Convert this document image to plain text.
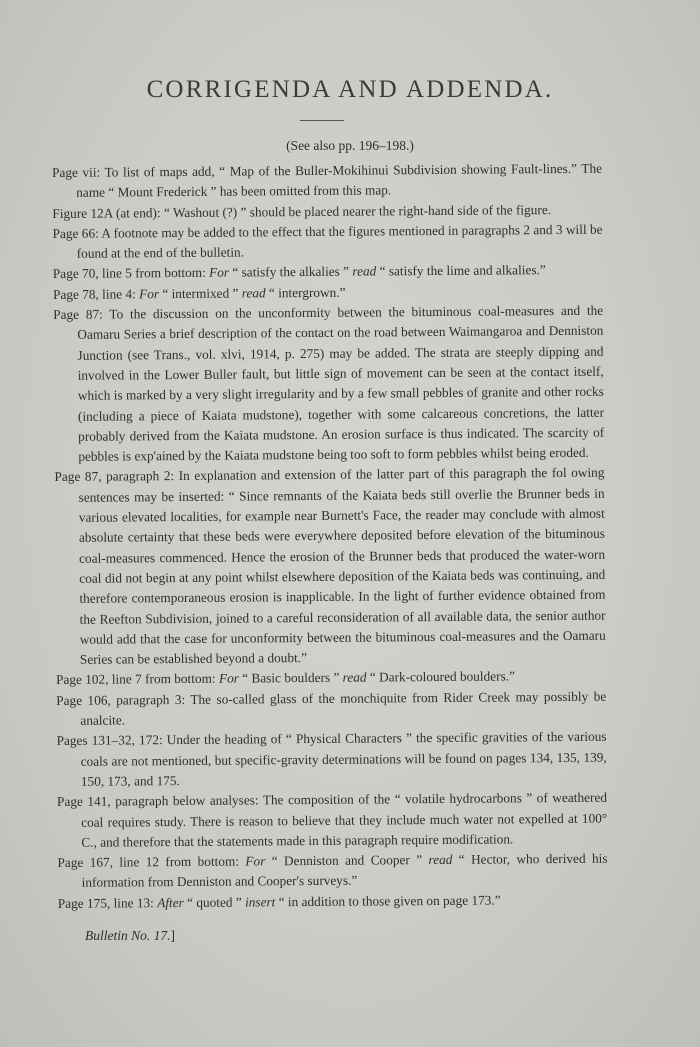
CORRIGENDA AND ADDENDA.
(See also pp. 196–198.)

Page vii: To list of maps add, “ Map of the Buller-Mokihinui Subdivision showing Fault-lines.” The name “ Mount Frederick ” has been omitted from this map.

Figure 12A (at end): “ Washout (?) ” should be placed nearer the right-hand side of the figure.

Page 66: A footnote may be added to the effect that the figures mentioned in paragraphs 2 and 3 will be found at the end of the bulletin.

Page 70, line 5 from bottom: For “ satisfy the alkalies ” read “ satisfy the lime and alkalies.”

Page 78, line 4: For “ intermixed ” read “ intergrown.”

Page 87: To the discussion on the unconformity between the bituminous coal-measures and the Oamaru Series a brief description of the contact on the road between Waimangaroa and Denniston Junction (see Trans., vol. xlvi, 1914, p. 275) may be added. The strata are steeply dipping and involved in the Lower Buller fault, but little sign of movement can be seen at the contact itself, which is marked by a very slight irregularity and by a few small pebbles of granite and other rocks (including a piece of Kaiata mudstone), together with some calcareous concretions, the latter probably derived from the Kaiata mudstone. An erosion surface is thus indicated. The scarcity of pebbles is exp'ained by the Kaiata mudstone being too soft to form pebbles whilst being eroded.

Page 87, paragraph 2: In explanation and extension of the latter part of this paragraph the fol owing sentences may be inserted: “ Since remnants of the Kaiata beds still overlie the Brunner beds in various elevated localities, for example near Burnett's Face, the reader may conclude with almost absolute certainty that these beds were everywhere deposited before elevation of the bituminous coal-measures commenced. Hence the erosion of the Brunner beds that produced the water-worn coal did not begin at any point whilst elsewhere deposition of the Kaiata beds was continuing, and therefore contemporaneous erosion is inapplicable. In the light of further evidence obtained from the Reefton Subdivision, joined to a careful reconsideration of all available data, the senior author would add that the case for unconformity between the bituminous coal-measures and the Oamaru Series can be established beyond a doubt.”

Page 102, line 7 from bottom: For “ Basic boulders ” read “ Dark-coloured boulders.”

Page 106, paragraph 3: The so-called glass of the monchiquite from Rider Creek may possibly be analcite.

Pages 131–32, 172: Under the heading of “ Physical Characters ” the specific gravities of the various coals are not mentioned, but specific-gravity determinations will be found on pages 134, 135, 139, 150, 173, and 175.

Page 141, paragraph below analyses: The composition of the “ volatile hydrocarbons ” of weathered coal requires study. There is reason to believe that they include much water not expelled at 100° C., and therefore that the statements made in this paragraph require modification.

Page 167, line 12 from bottom: For “ Denniston and Cooper ” read “ Hector, who derived his information from Denniston and Cooper's surveys.”

Page 175, line 13: After “ quoted ” insert “ in addition to those given on page 173.”

Bulletin No. 17.]
